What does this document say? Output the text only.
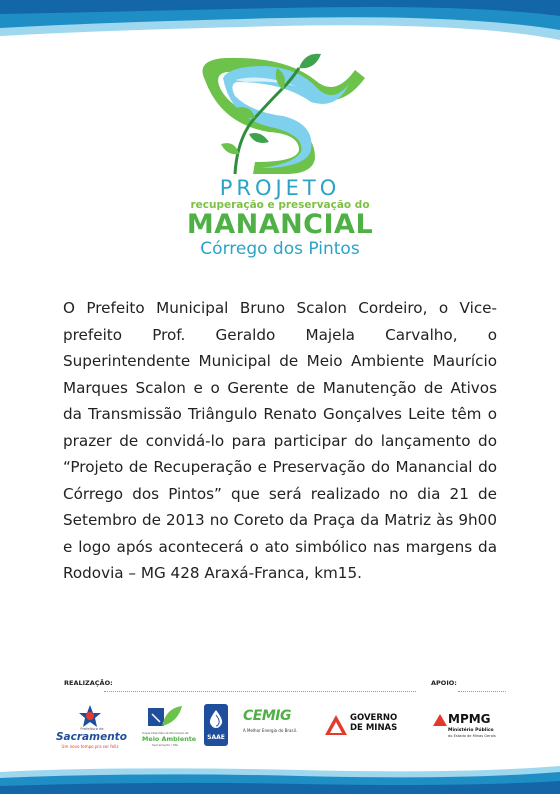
PROJETO
recuperação e preservação do
MANANCIAL
Córrego dos Pintos

O Prefeito Municipal Bruno Scalon Cordeiro, o Vice-prefeito Prof. Geraldo Majela Carvalho, o Superintendente Municipal de Meio Ambiente Maurício Marques Scalon e o Gerente de Manutenção de Ativos da Transmissão Triângulo Renato Gonçalves Leite têm o prazer de convidá-lo para participar do lançamento do “Projeto de Recuperação e Preservação do Manancial do Córrego dos Pintos” que será realizado no dia 21 de Setembro de 2013 no Coreto da Praça da Matriz às 9h00 e logo após acontecerá o ato simbólico nas margens da Rodovia – MG 428 Araxá-Franca, km15.

REALIZAÇÃO:	APOIO:
Prefeitura de
Sacramento
Um novo tempo pra ser feliz
Superintendência Municipal de
Meio Ambiente
Sacramento / MG
SAAE
CEMIG
A Melhor Energia do Brasil.
GOVERNO
DE MINAS
MPMG
Ministério Público
do Estado de Minas Gerais
